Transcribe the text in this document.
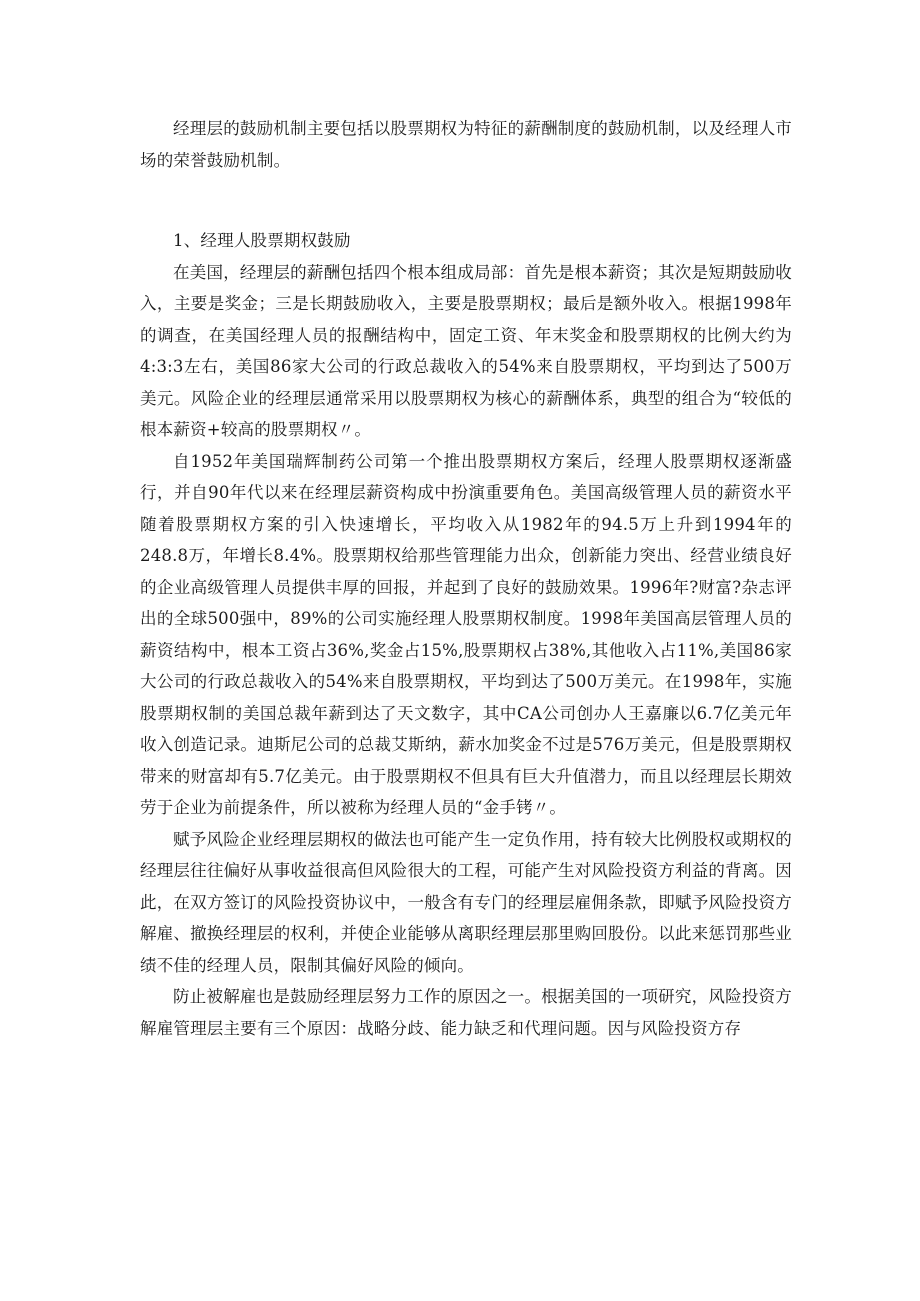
经理层的鼓励机制主要包括以股票期权为特征的薪酬制度的鼓励机制，以及经理人市场的荣誉鼓励机制。

1、经理人股票期权鼓励

在美国，经理层的薪酬包括四个根本组成局部：首先是根本薪资；其次是短期鼓励收入，主要是奖金；三是长期鼓励收入，主要是股票期权；最后是额外收入。根据1998年的调查，在美国经理人员的报酬结构中，固定工资、年末奖金和股票期权的比例大约为4:3:3左右，美国86家大公司的行政总裁收入的54%来自股票期权，平均到达了500万美元。风险企业的经理层通常采用以股票期权为核心的薪酬体系，典型的组合为“较低的根本薪资+较高的股票期权〃。

自1952年美国瑞辉制药公司第一个推出股票期权方案后，经理人股票期权逐渐盛行，并自90年代以来在经理层薪资构成中扮演重要角色。美国高级管理人员的薪资水平随着股票期权方案的引入快速增长，平均收入从1982年的94.5万上升到1994年的248.8万，年增长8.4%。股票期权给那些管理能力出众，创新能力突出、经营业绩良好的企业高级管理人员提供丰厚的回报，并起到了良好的鼓励效果。1996年?财富?杂志评出的全球500强中，89%的公司实施经理人股票期权制度。1998年美国高层管理人员的薪资结构中，根本工资占36%,奖金占15%,股票期权占38%,其他收入占11%,美国86家大公司的行政总裁收入的54%来自股票期权，平均到达了500万美元。在1998年，实施股票期权制的美国总裁年薪到达了天文数字，其中CA公司创办人王嘉廉以6.7亿美元年收入创造记录。迪斯尼公司的总裁艾斯纳，薪水加奖金不过是576万美元，但是股票期权带来的财富却有5.7亿美元。由于股票期权不但具有巨大升值潜力，而且以经理层长期效劳于企业为前提条件，所以被称为经理人员的“金手铐〃。

赋予风险企业经理层期权的做法也可能产生一定负作用，持有较大比例股权或期权的经理层往往偏好从事收益很高但风险很大的工程，可能产生对风险投资方利益的背离。因此，在双方签订的风险投资协议中，一般含有专门的经理层雇佣条款，即赋予风险投资方解雇、撤换经理层的权利，并使企业能够从离职经理层那里购回股份。以此来惩罚那些业绩不佳的经理人员，限制其偏好风险的倾向。

防止被解雇也是鼓励经理层努力工作的原因之一。根据美国的一项研究，风险投资方解雇管理层主要有三个原因：战略分歧、能力缺乏和代理问题。因与风险投资方存
